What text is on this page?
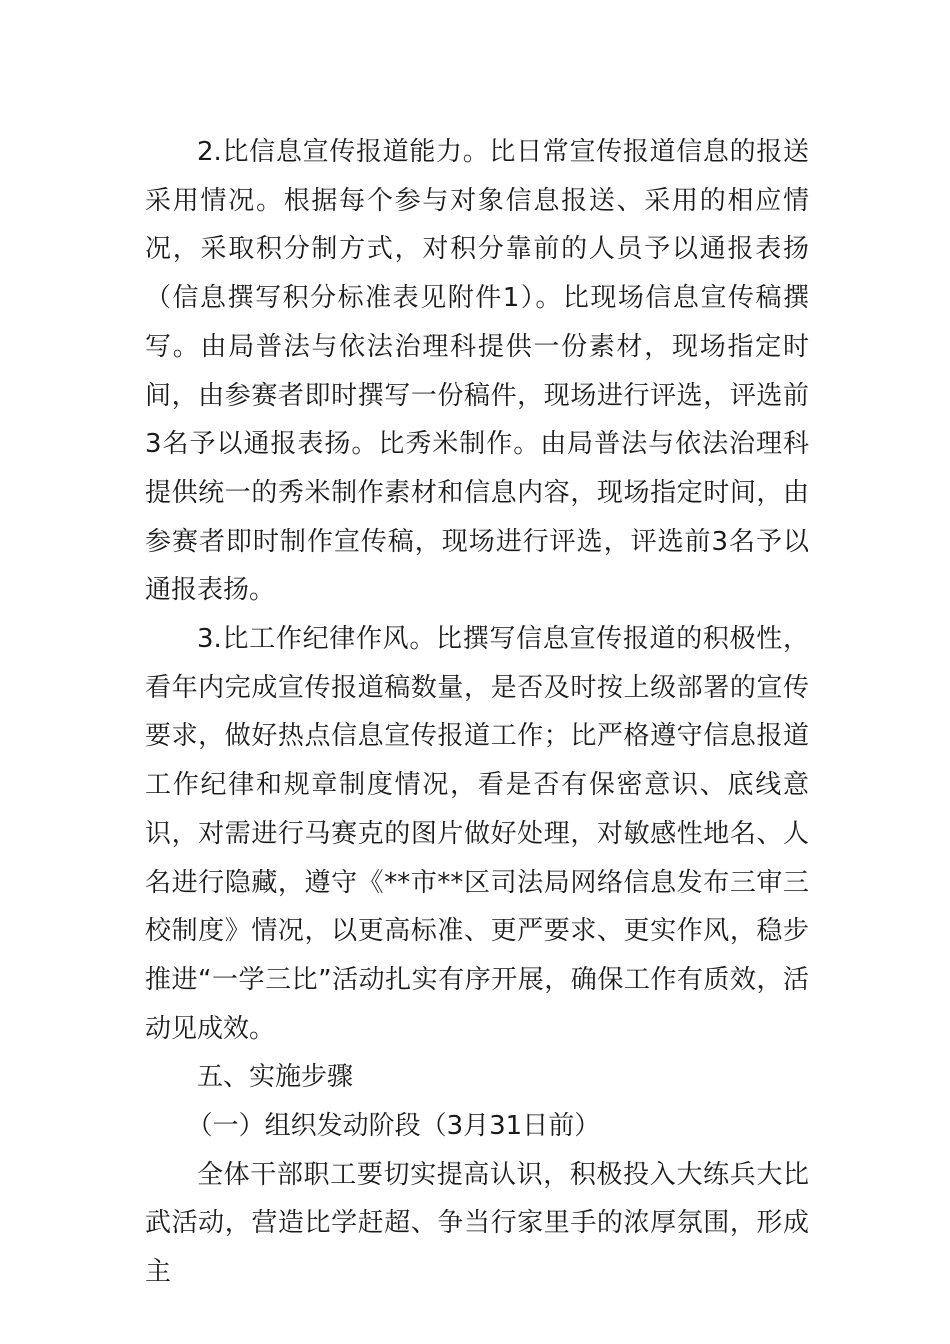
2.比信息宣传报道能力。比日常宣传报道信息的报送采用情况。根据每个参与对象信息报送、采用的相应情况，采取积分制方式，对积分靠前的人员予以通报表扬（信息撰写积分标准表见附件1）。比现场信息宣传稿撰写。由局普法与依法治理科提供一份素材，现场指定时间，由参赛者即时撰写一份稿件，现场进行评选，评选前3名予以通报表扬。比秀米制作。由局普法与依法治理科提供统一的秀米制作素材和信息内容，现场指定时间，由参赛者即时制作宣传稿，现场进行评选，评选前3名予以通报表扬。

3.比工作纪律作风。比撰写信息宣传报道的积极性，看年内完成宣传报道稿数量，是否及时按上级部署的宣传要求，做好热点信息宣传报道工作；比严格遵守信息报道工作纪律和规章制度情况，看是否有保密意识、底线意识，对需进行马赛克的图片做好处理，对敏感性地名、人名进行隐藏，遵守《**市**区司法局网络信息发布三审三校制度》情况，以更高标准、更严要求、更实作风，稳步推进“一学三比”活动扎实有序开展，确保工作有质效，活动见成效。

五、实施步骤

（一）组织发动阶段（3月31日前）

全体干部职工要切实提高认识，积极投入大练兵大比武活动，营造比学赶超、争当行家里手的浓厚氛围，形成主
